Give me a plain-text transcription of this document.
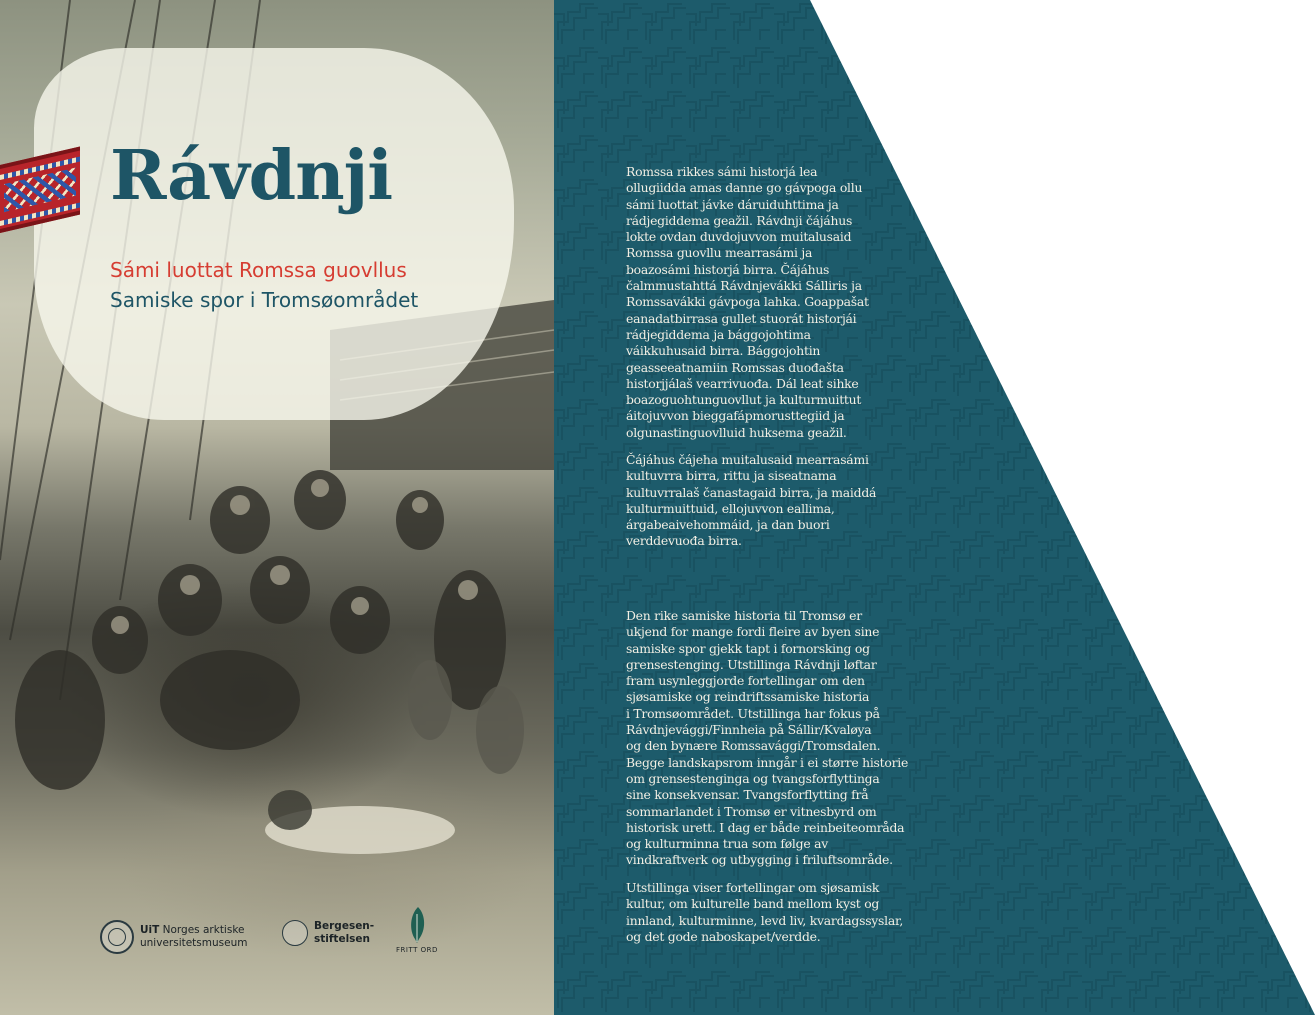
Rávdnji
Sámi luottat Romssa guovllus
Samiske spor i Tromsøområdet
UiT Norges arktiske
universitetsmuseum
Bergesen-
stiftelsen
FRITT ORD
Romssa rikkes sámi historjá lea
ollugiidda amas danne go gávpoga ollu
sámi luottat jávke dáruiduhttima ja
rádjegiddema geažil. Rávdnji čájáhus
lokte ovdan duvdojuvvon muitalusaid
Romssa guovllu mearrasámi ja
boazosámi historjá birra. Čájáhus
čalmmustahttá Rávdnjevákki Sálliris ja
Romssavákki gávpoga lahka. Goappašat
eanadatbirrasa gullet stuorát historjái
rádjegiddema ja bággojohtima
váikkuhusaid birra. Bággojohtin
geasseeatnamiin Romssas duođašta
historjjálaš vearrivuođa. Dál leat sihke
boazoguohtunguovllut ja kulturmuittut
áitojuvvon bieggafápmorusttegiid ja
olgunastinguovlluid huksema geažil.
Čájáhus čájeha muitalusaid mearrasámi
kultuvrra birra, rittu ja siseatnama
kultuvrralaš čanastagaid birra, ja maiddá
kulturmuittuid, ellojuvvon eallima,
árgabeaivehommáid, ja dan buori
verddevuođa birra.
Den rike samiske historia til Tromsø er
ukjend for mange fordi fleire av byen sine
samiske spor gjekk tapt i fornorsking og
grensestenging. Utstillinga Rávdnji løftar
fram usynleggjorde fortellingar om den
sjøsamiske og reindriftssamiske historia
i Tromsøområdet. Utstillinga har fokus på
Rávdnjevággi/Finnheia på Sállir/Kvaløya
og den bynære Romssavággi/Tromsdalen.
Begge landskapsrom inngår i ei større historie
om grensestenginga og tvangsforflyttinga
sine konsekvensar. Tvangsforflytting frå
sommarlandet i Tromsø er vitnesbyrd om
historisk urett. I dag er både reinbeiteområda
og kulturminna trua som følge av
vindkraftverk og utbygging i friluftsområde.
Utstillinga viser fortellingar om sjøsamisk
kultur, om kulturelle band mellom kyst og
innland, kulturminne, levd liv, kvardagssyslar,
og det gode naboskapet/verdde.
